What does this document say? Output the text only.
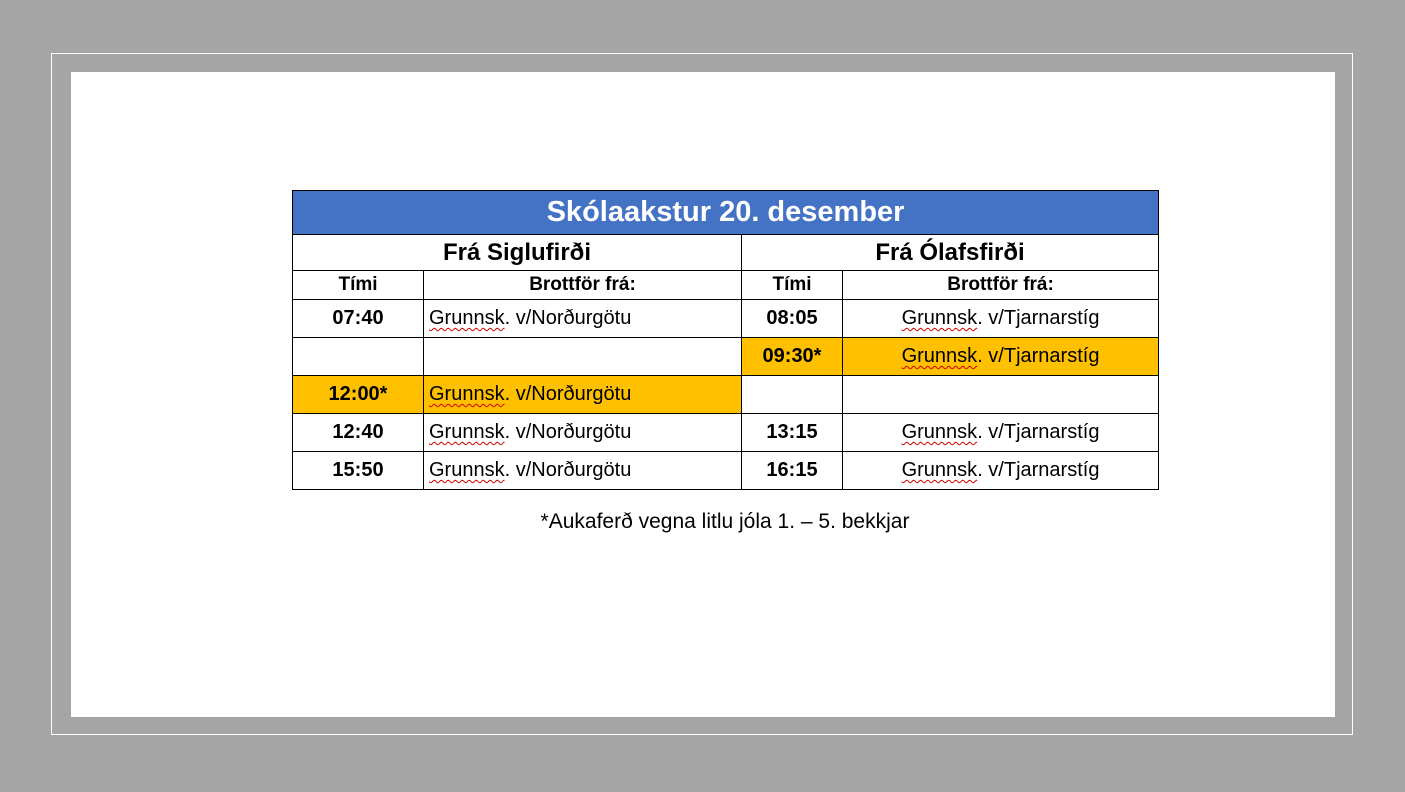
Skólaakstur 20. desember			
Frá Siglufirði		Frá Ólafsfirði	
Tími	Brottför frá:	Tími	Brottför frá:
07:40	Grunnsk. v/Norðurgötu	08:05	Grunnsk. v/Tjarnarstíg
		09:30*	Grunnsk. v/Tjarnarstíg
12:00*	Grunnsk. v/Norðurgötu		
12:40	Grunnsk. v/Norðurgötu	13:15	Grunnsk. v/Tjarnarstíg
15:50	Grunnsk. v/Norðurgötu	16:15	Grunnsk. v/Tjarnarstíg
*Aukaferð vegna litlu jóla 1. – 5. bekkjar
